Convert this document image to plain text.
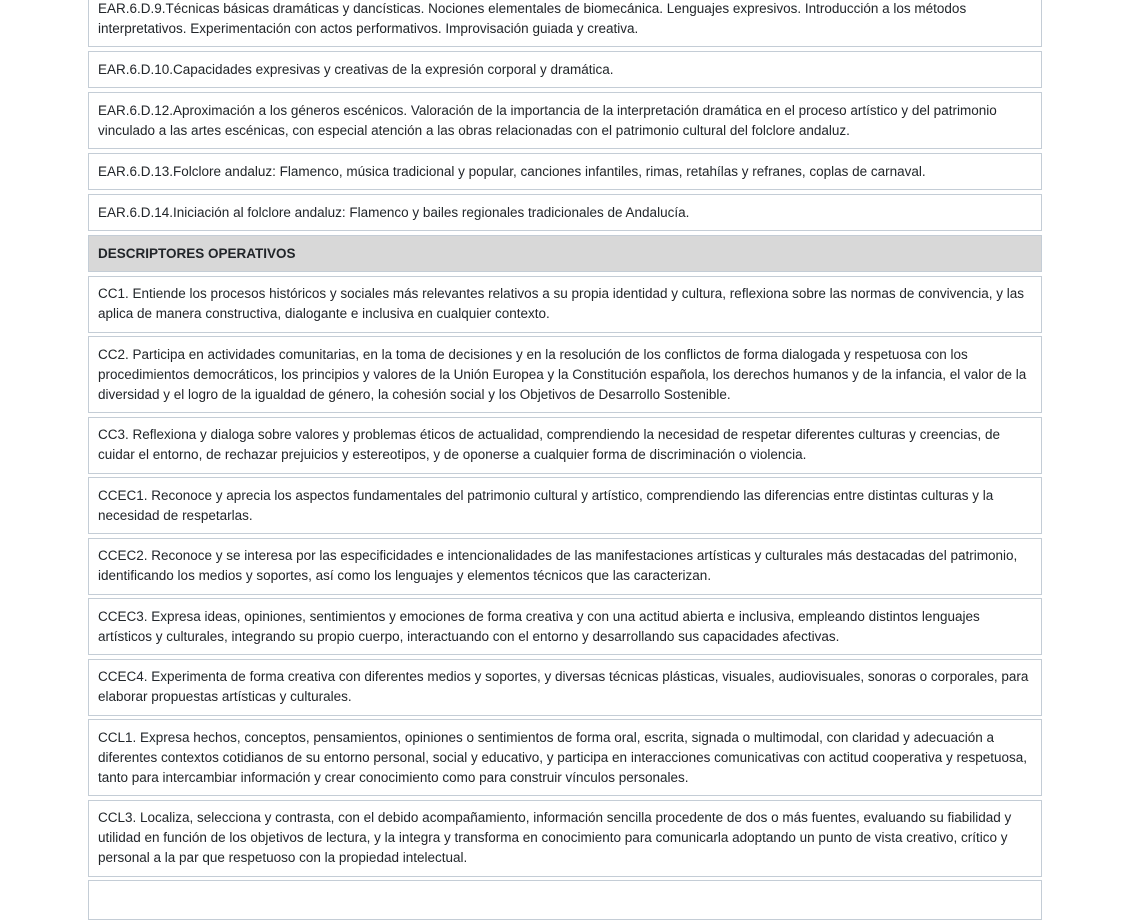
EAR.6.D.9.Técnicas básicas dramáticas y dancísticas. Nociones elementales de biomecánica. Lenguajes expresivos. Introducción a los métodos interpretativos. Experimentación con actos performativos. Improvisación guiada y creativa.
EAR.6.D.10.Capacidades expresivas y creativas de la expresión corporal y dramática.
EAR.6.D.12.Aproximación a los géneros escénicos. Valoración de la importancia de la interpretación dramática en el proceso artístico y del patrimonio vinculado a las artes escénicas, con especial atención a las obras relacionadas con el patrimonio cultural del folclore andaluz.
EAR.6.D.13.Folclore andaluz: Flamenco, música tradicional y popular, canciones infantiles, rimas, retahílas y refranes, coplas de carnaval.
EAR.6.D.14.Iniciación al folclore andaluz: Flamenco y bailes regionales tradicionales de Andalucía.
DESCRIPTORES OPERATIVOS
CC1. Entiende los procesos históricos y sociales más relevantes relativos a su propia identidad y cultura, reflexiona sobre las normas de convivencia, y las aplica de manera constructiva, dialogante e inclusiva en cualquier contexto.
CC2. Participa en actividades comunitarias, en la toma de decisiones y en la resolución de los conflictos de forma dialogada y respetuosa con los procedimientos democráticos, los principios y valores de la Unión Europea y la Constitución española, los derechos humanos y de la infancia, el valor de la diversidad y el logro de la igualdad de género, la cohesión social y los Objetivos de Desarrollo Sostenible.
CC3. Reflexiona y dialoga sobre valores y problemas éticos de actualidad, comprendiendo la necesidad de respetar diferentes culturas y creencias, de cuidar el entorno, de rechazar prejuicios y estereotipos, y de oponerse a cualquier forma de discriminación o violencia.
CCEC1. Reconoce y aprecia los aspectos fundamentales del patrimonio cultural y artístico, comprendiendo las diferencias entre distintas culturas y la necesidad de respetarlas.
CCEC2. Reconoce y se interesa por las especificidades e intencionalidades de las manifestaciones artísticas y culturales más destacadas del patrimonio, identificando los medios y soportes, así como los lenguajes y elementos técnicos que las caracterizan.
CCEC3. Expresa ideas, opiniones, sentimientos y emociones de forma creativa y con una actitud abierta e inclusiva, empleando distintos lenguajes artísticos y culturales, integrando su propio cuerpo, interactuando con el entorno y desarrollando sus capacidades afectivas.
CCEC4. Experimenta de forma creativa con diferentes medios y soportes, y diversas técnicas plásticas, visuales, audiovisuales, sonoras o corporales, para elaborar propuestas artísticas y culturales.
CCL1. Expresa hechos, conceptos, pensamientos, opiniones o sentimientos de forma oral, escrita, signada o multimodal, con claridad y adecuación a diferentes contextos cotidianos de su entorno personal, social y educativo, y participa en interacciones comunicativas con actitud cooperativa y respetuosa, tanto para intercambiar información y crear conocimiento como para construir vínculos personales.
CCL3. Localiza, selecciona y contrasta, con el debido acompañamiento, información sencilla procedente de dos o más fuentes, evaluando su fiabilidad y utilidad en función de los objetivos de lectura, y la integra y transforma en conocimiento para comunicarla adoptando un punto de vista creativo, crítico y personal a la par que respetuoso con la propiedad intelectual.
